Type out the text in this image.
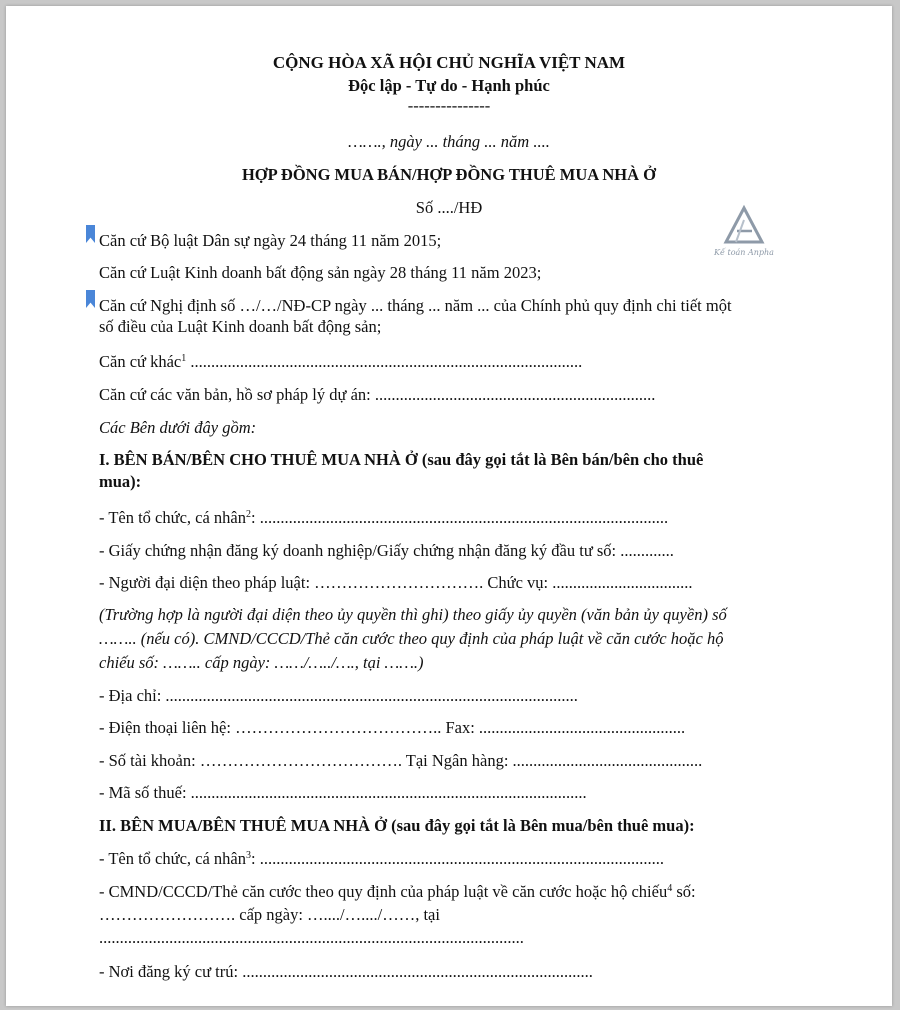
CỘNG HÒA XÃ HỘI CHỦ NGHĨA VIỆT NAM
Độc lập - Tự do - Hạnh phúc
---------------
……., ngày ... tháng ... năm ....
HỢP ĐỒNG MUA BÁN/HỢP ĐỒNG THUÊ MUA NHÀ Ở
Số ..../HĐ
Kế toán Anpha
Căn cứ Bộ luật Dân sự ngày 24 tháng 11 năm 2015;
Căn cứ Luật Kinh doanh bất động sản ngày 28 tháng 11 năm 2023;
Căn cứ Nghị định số …/…/NĐ-CP ngày ... tháng ... năm ... của Chính phủ quy định chi tiết một
số điều của Luật Kinh doanh bất động sản;
Căn cứ khác$^1$ ...............................................................................................
Căn cứ các văn bản, hồ sơ pháp lý dự án: ....................................................................
Các Bên dưới đây gồm:
I. BÊN BÁN/BÊN CHO THUÊ MUA NHÀ Ở (sau đây gọi tắt là Bên bán/bên cho thuê
mua):
- Tên tổ chức, cá nhân$^2$: ...................................................................................................
- Giấy chứng nhận đăng ký doanh nghiệp/Giấy chứng nhận đăng ký đầu tư số: .............
- Người đại diện theo pháp luật: …………………………. Chức vụ: ..................................
(Trường hợp là người đại diện theo ủy quyền thì ghi) theo giấy ủy quyền (văn bản ủy quyền) số
…….. (nếu có). CMND/CCCD/Thẻ căn cước theo quy định của pháp luật về căn cước hoặc hộ
chiếu số: …….. cấp ngày: ……/…../…., tại …….)
- Địa chỉ: ....................................................................................................
- Điện thoại liên hệ: ……………………………….. Fax: ..................................................
- Số tài khoản: ………………………………. Tại Ngân hàng: ..............................................
- Mã số thuế: ................................................................................................
II. BÊN MUA/BÊN THUÊ MUA NHÀ Ở (sau đây gọi tắt là Bên mua/bên thuê mua):
- Tên tổ chức, cá nhân$^3$: ..................................................................................................
- CMND/CCCD/Thẻ căn cước theo quy định của pháp luật về căn cước hoặc hộ chiếu$^4$ số:
……………………. cấp ngày: …..../…..../……, tại
.......................................................................................................
- Nơi đăng ký cư trú: .....................................................................................
